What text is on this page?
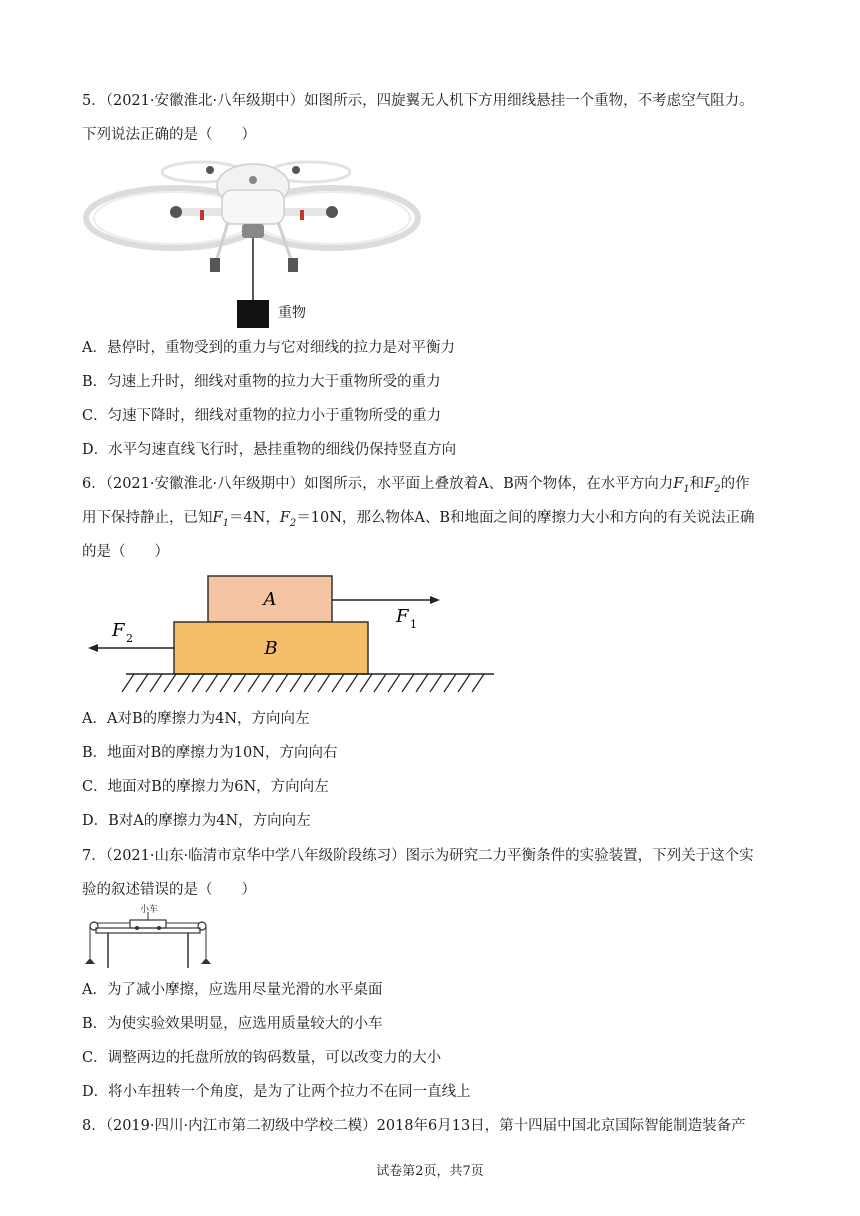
5．（2021·安徽淮北·八年级期中）如图所示，四旋翼无人机下方用细线悬挂一个重物，不考虑空气阻力。
下列说法正确的是（　　）
重物
A．悬停时，重物受到的重力与它对细线的拉力是对平衡力
B．匀速上升时，细线对重物的拉力大于重物所受的重力
C．匀速下降时，细线对重物的拉力小于重物所受的重力
D．水平匀速直线飞行时，悬挂重物的细线仍保持竖直方向
6．（2021·安徽淮北·八年级期中）如图所示，水平面上叠放着A、B两个物体，在水平方向力$F_1$和$F_2$的作
用下保持静止，已知$F_1=4N$，$F_2=10N$，那么物体A、B和地面之间的摩擦力大小和方向的有关说法正确
的是（　　）
A
B
F 1
F 2
A．A对B的摩擦力为4N，方向向左
B．地面对B的摩擦力为10N，方向向右
C．地面对B的摩擦力为6N，方向向左
D．B对A的摩擦力为4N，方向向左
7．（2021·山东·临清市京华中学八年级阶段练习）图示为研究二力平衡条件的实验装置，下列关于这个实
验的叙述错误的是（　　）
小车
A．为了减小摩擦，应选用尽量光滑的水平桌面
B．为使实验效果明显，应选用质量较大的小车
C．调整两边的托盘所放的钩码数量，可以改变力的大小
D．将小车扭转一个角度，是为了让两个拉力不在同一直线上
8．（2019·四川·内江市第二初级中学校二模）2018年6月13日，第十四届中国北京国际智能制造装备产
试卷第2页，共7页
